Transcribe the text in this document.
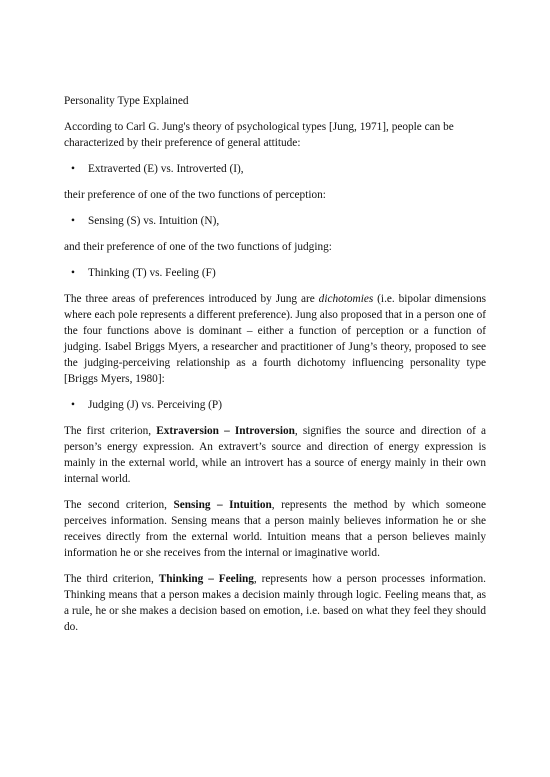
Personality Type Explained

According to Carl G. Jung's theory of psychological types [Jung, 1971], people can be characterized by their preference of general attitude:

• Extraverted (E) vs. Introverted (I),

their preference of one of the two functions of perception:

• Sensing (S) vs. Intuition (N),

and their preference of one of the two functions of judging:

• Thinking (T) vs. Feeling (F)

The three areas of preferences introduced by Jung are dichotomies (i.e. bipolar dimensions where each pole represents a different preference). Jung also proposed that in a person one of the four functions above is dominant – either a function of perception or a function of judging. Isabel Briggs Myers, a researcher and practitioner of Jung’s theory, proposed to see the judging-perceiving relationship as a fourth dichotomy influencing personality type [Briggs Myers, 1980]:

• Judging (J) vs. Perceiving (P)

The first criterion, Extraversion – Introversion, signifies the source and direction of a person’s energy expression. An extravert’s source and direction of energy expression is mainly in the external world, while an introvert has a source of energy mainly in their own internal world.

The second criterion, Sensing – Intuition, represents the method by which someone perceives information. Sensing means that a person mainly believes information he or she receives directly from the external world. Intuition means that a person believes mainly information he or she receives from the internal or imaginative world.

The third criterion, Thinking – Feeling, represents how a person processes information. Thinking means that a person makes a decision mainly through logic. Feeling means that, as a rule, he or she makes a decision based on emotion, i.e. based on what they feel they should do.
